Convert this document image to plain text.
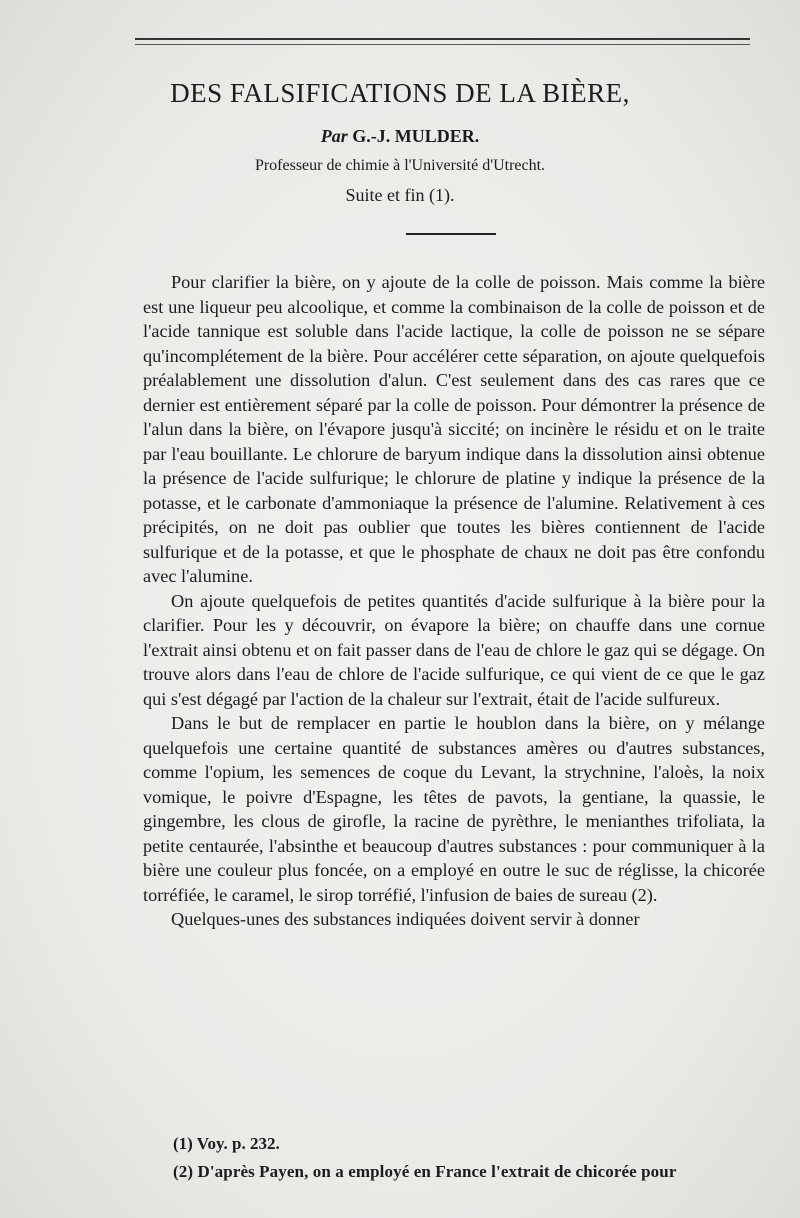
DES FALSIFICATIONS DE LA BIÈRE,
Par G.-J. MULDER.
Professeur de chimie à l'Université d'Utrecht.
Suite et fin (1).

Pour clarifier la bière, on y ajoute de la colle de poisson. Mais comme la bière est une liqueur peu alcoolique, et comme la combinaison de la colle de poisson et de l'acide tannique est soluble dans l'acide lactique, la colle de poisson ne se sépare qu'incomplétement de la bière. Pour accélérer cette séparation, on ajoute quelquefois préalablement une dissolution d'alun. C'est seulement dans des cas rares que ce dernier est entièrement séparé par la colle de poisson. Pour démontrer la présence de l'alun dans la bière, on l'évapore jusqu'à siccité; on incinère le résidu et on le traite par l'eau bouillante. Le chlorure de baryum indique dans la dissolution ainsi obtenue la présence de l'acide sulfurique; le chlorure de platine y indique la présence de la potasse, et le carbonate d'ammoniaque la présence de l'alumine. Relativement à ces précipités, on ne doit pas oublier que toutes les bières contiennent de l'acide sulfurique et de la potasse, et que le phosphate de chaux ne doit pas être confondu avec l'alumine.

On ajoute quelquefois de petites quantités d'acide sulfurique à la bière pour la clarifier. Pour les y découvrir, on évapore la bière; on chauffe dans une cornue l'extrait ainsi obtenu et on fait passer dans de l'eau de chlore le gaz qui se dégage. On trouve alors dans l'eau de chlore de l'acide sulfurique, ce qui vient de ce que le gaz qui s'est dégagé par l'action de la chaleur sur l'extrait, était de l'acide sulfureux.

Dans le but de remplacer en partie le houblon dans la bière, on y mélange quelquefois une certaine quantité de substances amères ou d'autres substances, comme l'opium, les semences de coque du Levant, la strychnine, l'aloès, la noix vomique, le poivre d'Espagne, les têtes de pavots, la gentiane, la quassie, le gingembre, les clous de girofle, la racine de pyrèthre, le menianthes trifoliata, la petite centaurée, l'absinthe et beaucoup d'autres substances : pour communiquer à la bière une couleur plus foncée, on a employé en outre le suc de réglisse, la chicorée torréfiée, le caramel, le sirop torréfié, l'infusion de baies de sureau (2).

Quelques-unes des substances indiquées doivent servir à donner

(1) Voy. p. 232.
(2) D'après Payen, on a employé en France l'extrait de chicorée pour
